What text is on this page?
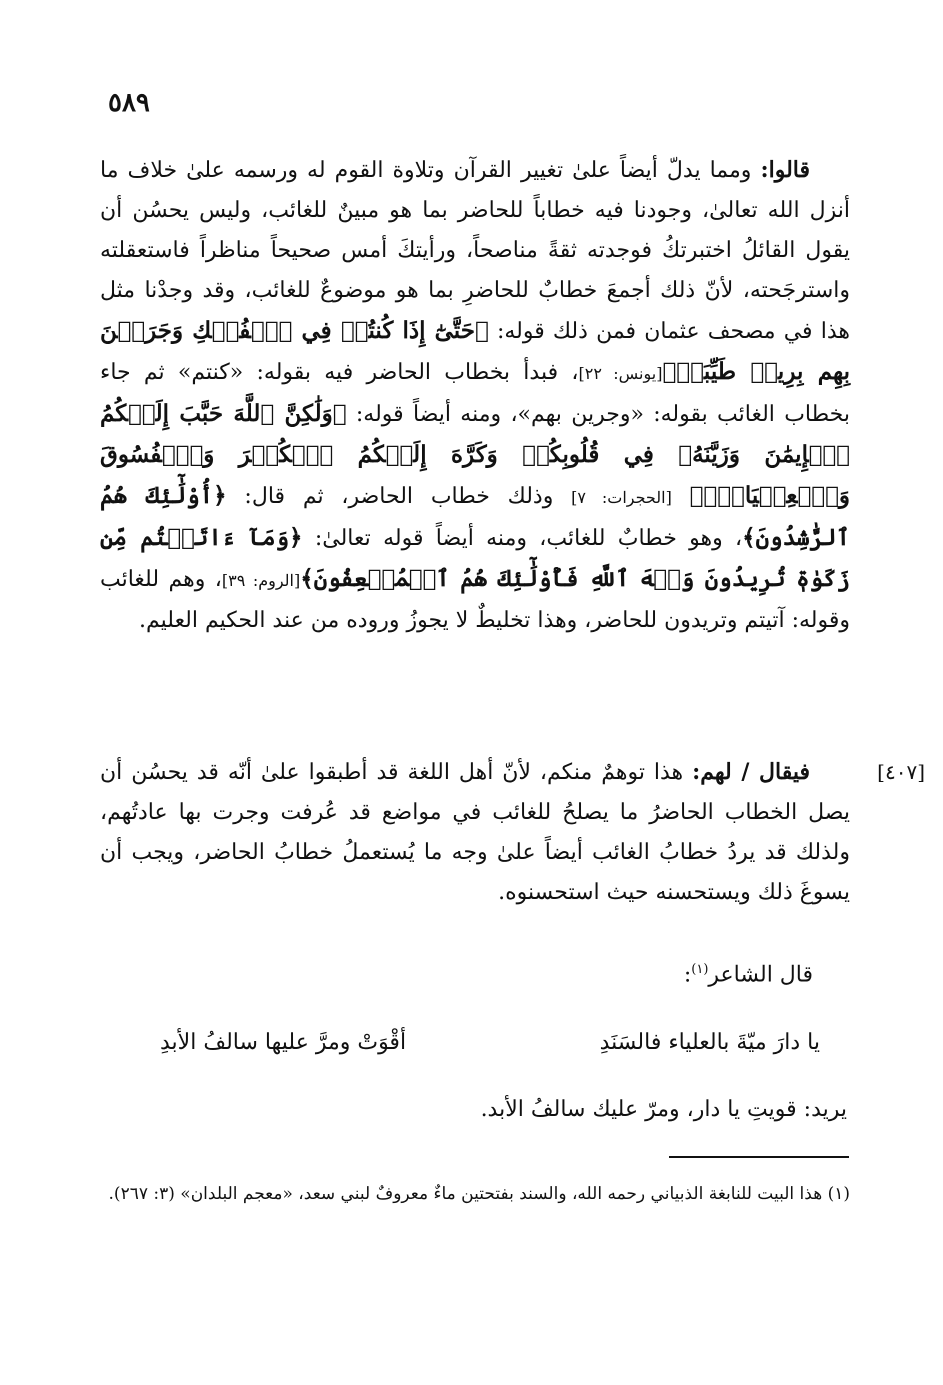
٥٨٩
قالوا: ومما يدلّ أيضاً علىٰ تغيير القرآن وتلاوة القوم له ورسمه علىٰ خلاف ما أنزل الله تعالىٰ، وجودنا فيه خطاباً للحاضر بما هو مبينٌ للغائب، وليس يحسُن أن يقول القائلُ اختبرتكُ فوجدته ثقةً مناصحاً، ورأيتكَ أمس صحيحاً مناظراً فاستعقلته واسترجَحته، لأنّ ذلك أجمعَ خطابٌ للحاضرِ بما هو موضوعٌ للغائب، وقد وجدْنا مثل هذا في مصحف عثمان فمن ذلك قوله: ﴿حَتَّىٰٓ إِذَا كُنتُمۡ فِي ٱلۡفُلۡكِ وَجَرَيۡنَ بِهِم بِرِيحٖ طَيِّبَةٖ﴾[يونس: ٢٢]، فبدأ بخطاب الحاضر فيه بقوله: «كنتم» ثم جاء بخطاب الغائب بقوله: «وجرين بهم»، ومنه أيضاً قوله: ﴿وَلَٰكِنَّ ٱللَّهَ حَبَّبَ إِلَيۡكُمُ ٱلۡإِيمَٰنَ وَزَيَّنَهُۥ فِي قُلُوبِكُمۡ وَكَرَّهَ إِلَيۡكُمُ ٱلۡكُفۡرَ وَٱلۡفُسُوقَ وَٱلۡعِصۡيَانَۚ﴾ [الحجرات: ٧] وذلك خطاب الحاضر، ثم قال: ﴿أُوْلَٰٓئِكَ هُمُ ٱلرَّٰشِدُونَ﴾، وهو خطابٌ للغائب، ومنه أيضاً قوله تعالىٰ: ﴿وَمَآ ءَاتَيۡتُم مِّن زَكَوٰةٖ تُرِيدُونَ وَجۡهَ ٱللَّهِ فَأُوْلَٰٓئِكَ هُمُ ٱلۡمُضۡعِفُونَ﴾[الروم: ٣٩]، وهم للغائب وقوله: آتيتم وتريدون للحاضر، وهذا تخليطٌ لا يجوزُ وروده من عند الحكيم العليم.
[٤٠٧]
فيقال / لهم: هذا توهمٌ منكم، لأنّ أهل اللغة قد أطبقوا علىٰ أنّه قد يحسُن أن يصل الخطاب الحاضرُ ما يصلحُ للغائب في مواضع قد عُرفت وجرت بها عادتُهم، ولذلك قد يردُ خطابُ الغائب أيضاً علىٰ وجه ما يُستعملُ خطابُ الحاضر، ويجب أن يسوغَ ذلك ويستحسنه حيث استحسنوه.
قال الشاعر$^{(١)}$:
يا دارَ ميّةَ بالعلياء فالسَنَدِ
أقْوَتْ ومرَّ عليها سالفُ الأبدِ
يريد: قويتِ يا دار، ومرّ عليك سالفُ الأبد.
(١) هذا البيت للنابغة الذبياني رحمه الله، والسند بفتحتين ماءٌ معروفٌ لبني سعد، «معجم البلدان» (٣: ٢٦٧).
